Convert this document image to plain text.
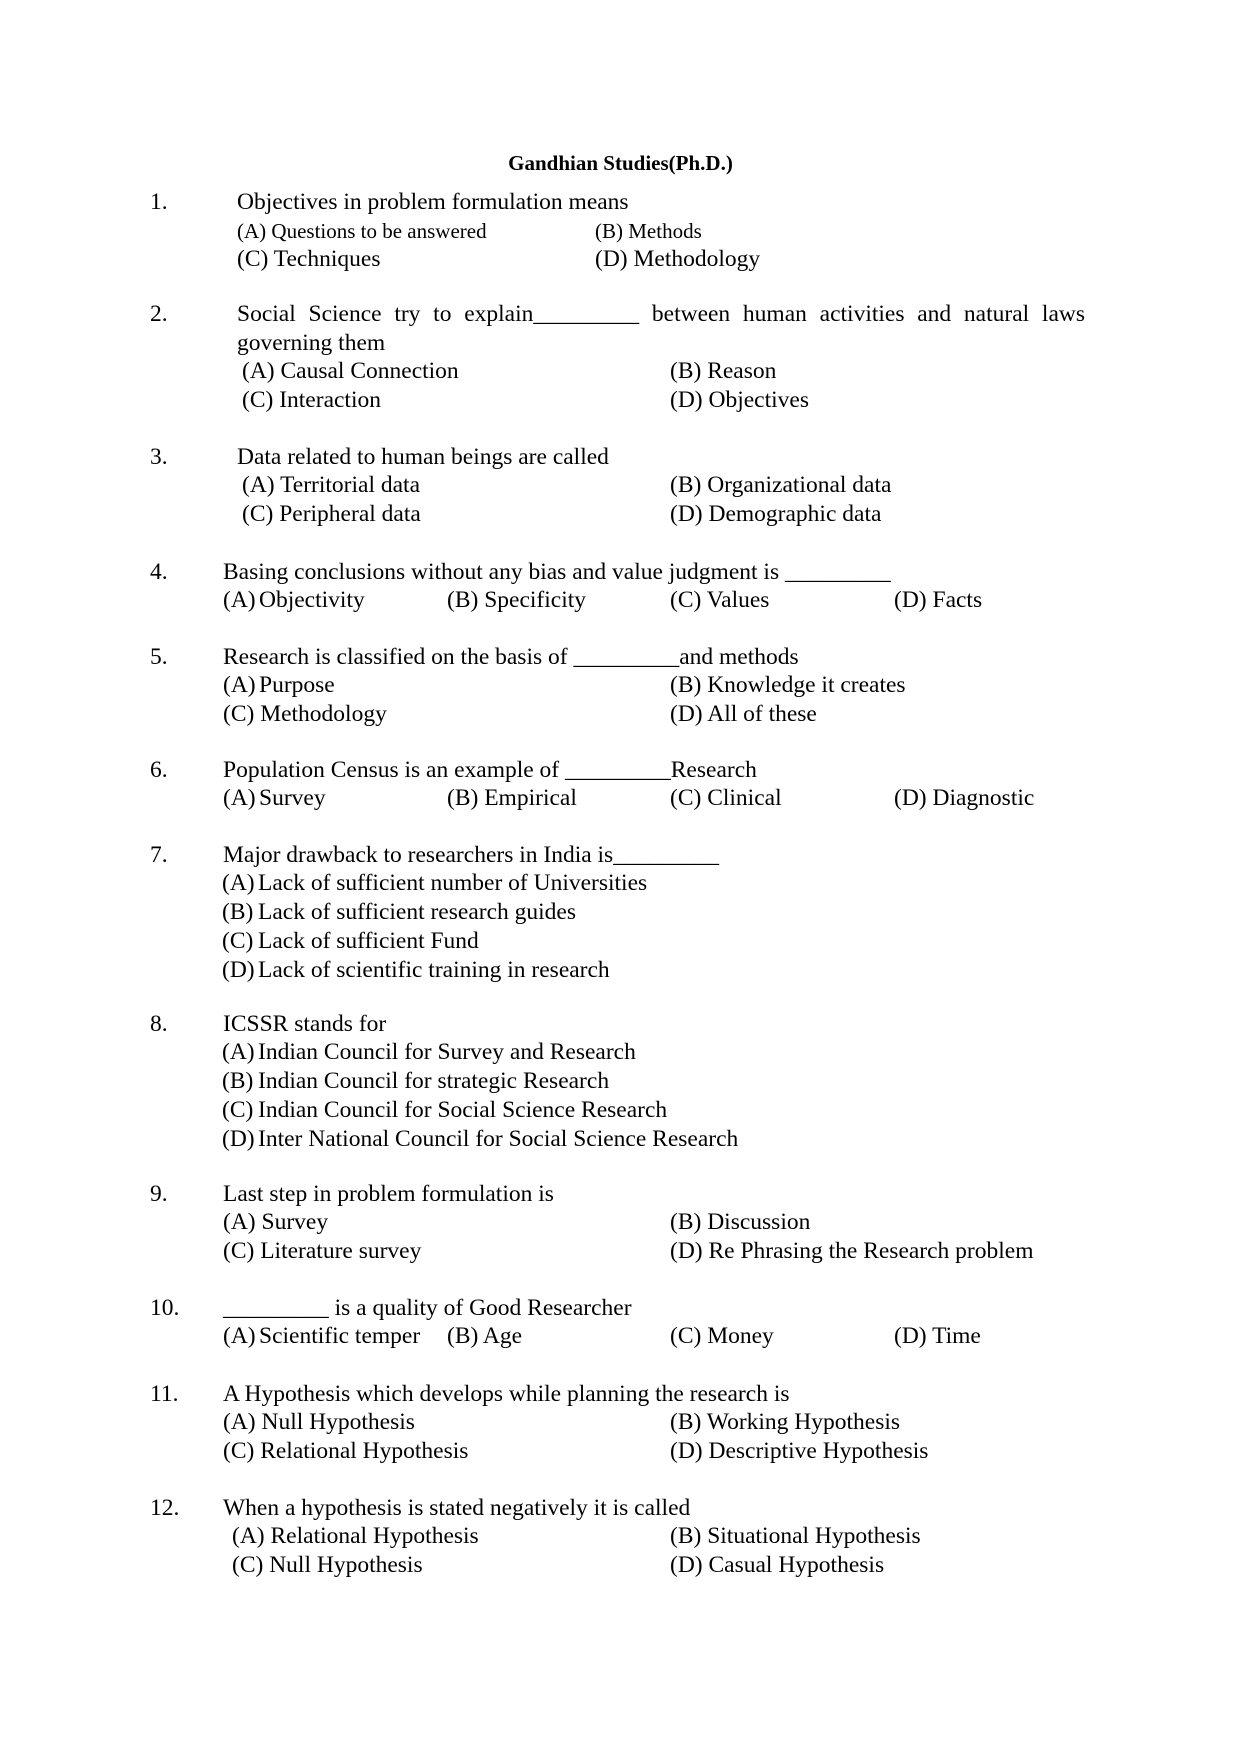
Gandhian Studies(Ph.D.)
1.	Objectives in problem formulation means
(A) Questions to be answered	(B) Methods
(C) Techniques	(D) Methodology
2.	Social Science try to explain_________ between human activities and natural laws governing them
(A) Causal Connection	(B) Reason
(C) Interaction	(D) Objectives
3.	Data related to human beings are called
(A) Territorial data	(B) Organizational data
(C) Peripheral data	(D) Demographic data
4. Basing conclusions without any bias and value judgment is _________
(A) Objectivity	(B) Specificity	(C) Values	(D) Facts
5. Research is classified on the basis of _________and methods
(A) Purpose	(B) Knowledge it creates
(C) Methodology	(D) All of these
6. Population Census is an example of _________Research
(A) Survey	(B) Empirical	(C) Clinical	(D) Diagnostic
7. Major drawback to researchers in India is_________
(A) Lack of sufficient number of Universities
(B) Lack of sufficient research guides
(C) Lack of sufficient Fund
(D) Lack of scientific training in research
8. ICSSR stands for
(A) Indian Council for Survey and Research
(B) Indian Council for strategic Research
(C) Indian Council for Social Science Research
(D) Inter National Council for Social Science Research
9. Last step in problem formulation is
(A) Survey	(B) Discussion
(C) Literature survey	(D) Re Phrasing the Research problem
10. _________ is a quality of Good Researcher
(A) Scientific temper (B) Age	(C) Money	(D) Time
11. A Hypothesis which develops while planning the research is
(A) Null Hypothesis	(B) Working Hypothesis
(C) Relational Hypothesis	(D) Descriptive Hypothesis
12. When a hypothesis is stated negatively it is called
(A) Relational Hypothesis	(B) Situational Hypothesis
(C) Null Hypothesis	(D) Casual Hypothesis
